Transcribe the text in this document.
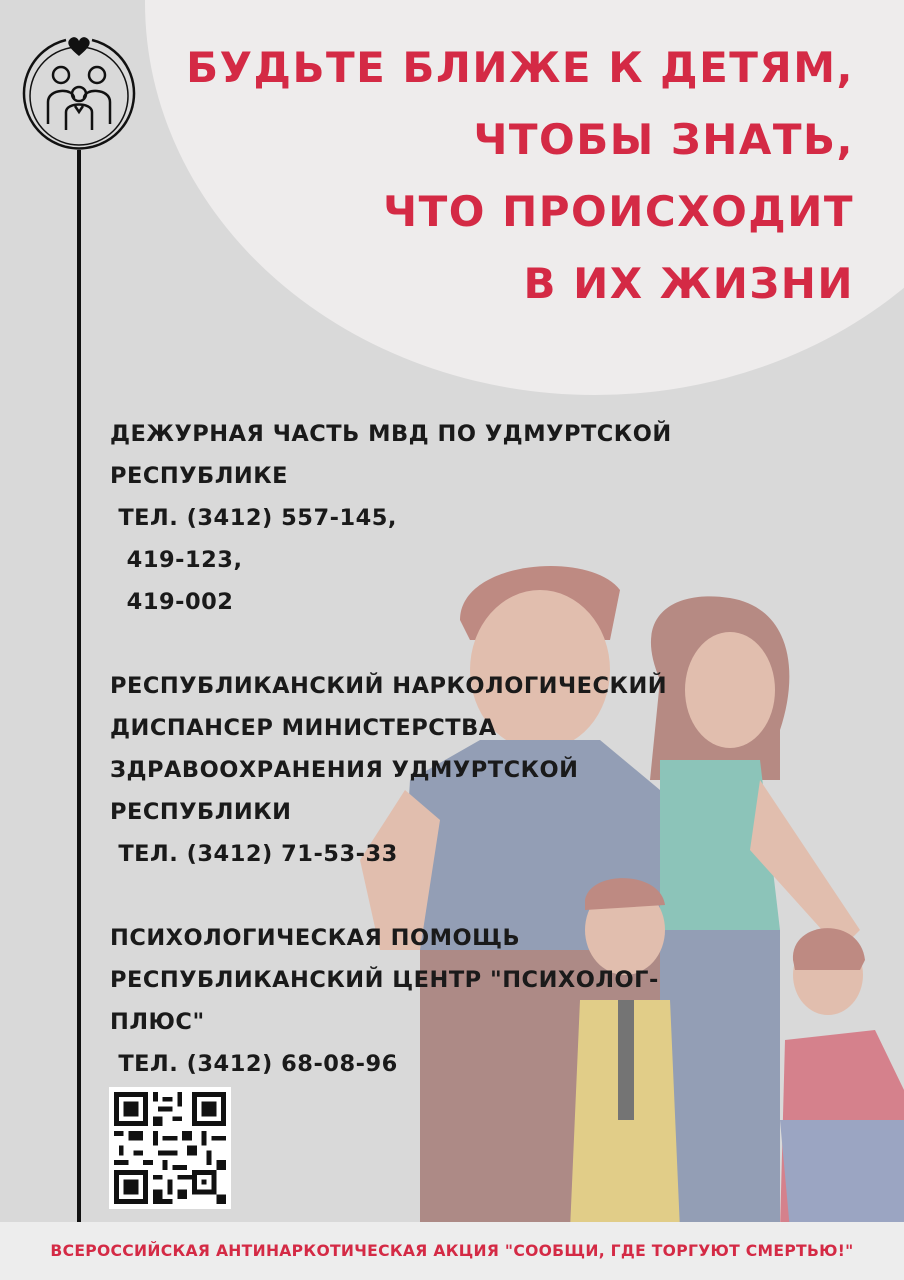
БУДЬТЕ БЛИЖЕ К ДЕТЯМ,
ЧТОБЫ ЗНАТЬ,
ЧТО ПРОИСХОДИТ
В ИХ ЖИЗНИ
ДЕЖУРНАЯ ЧАСТЬ МВД ПО УДМУРТСКОЙ
РЕСПУБЛИКЕ
ТЕЛ. (3412) 557-145,
419-123,
419-002
РЕСПУБЛИКАНСКИЙ НАРКОЛОГИЧЕСКИЙ
ДИСПАНСЕР МИНИСТЕРСТВА
ЗДРАВООХРАНЕНИЯ УДМУРТСКОЙ
РЕСПУБЛИКИ
ТЕЛ. (3412) 71-53-33
ПСИХОЛОГИЧЕСКАЯ ПОМОЩЬ
РЕСПУБЛИКАНСКИЙ ЦЕНТР "ПСИХОЛОГ-
ПЛЮС"
ТЕЛ. (3412) 68-08-96
ВСЕРОССИЙСКАЯ АНТИНАРКОТИЧЕСКАЯ АКЦИЯ "СООБЩИ, ГДЕ ТОРГУЮТ СМЕРТЬЮ!"
